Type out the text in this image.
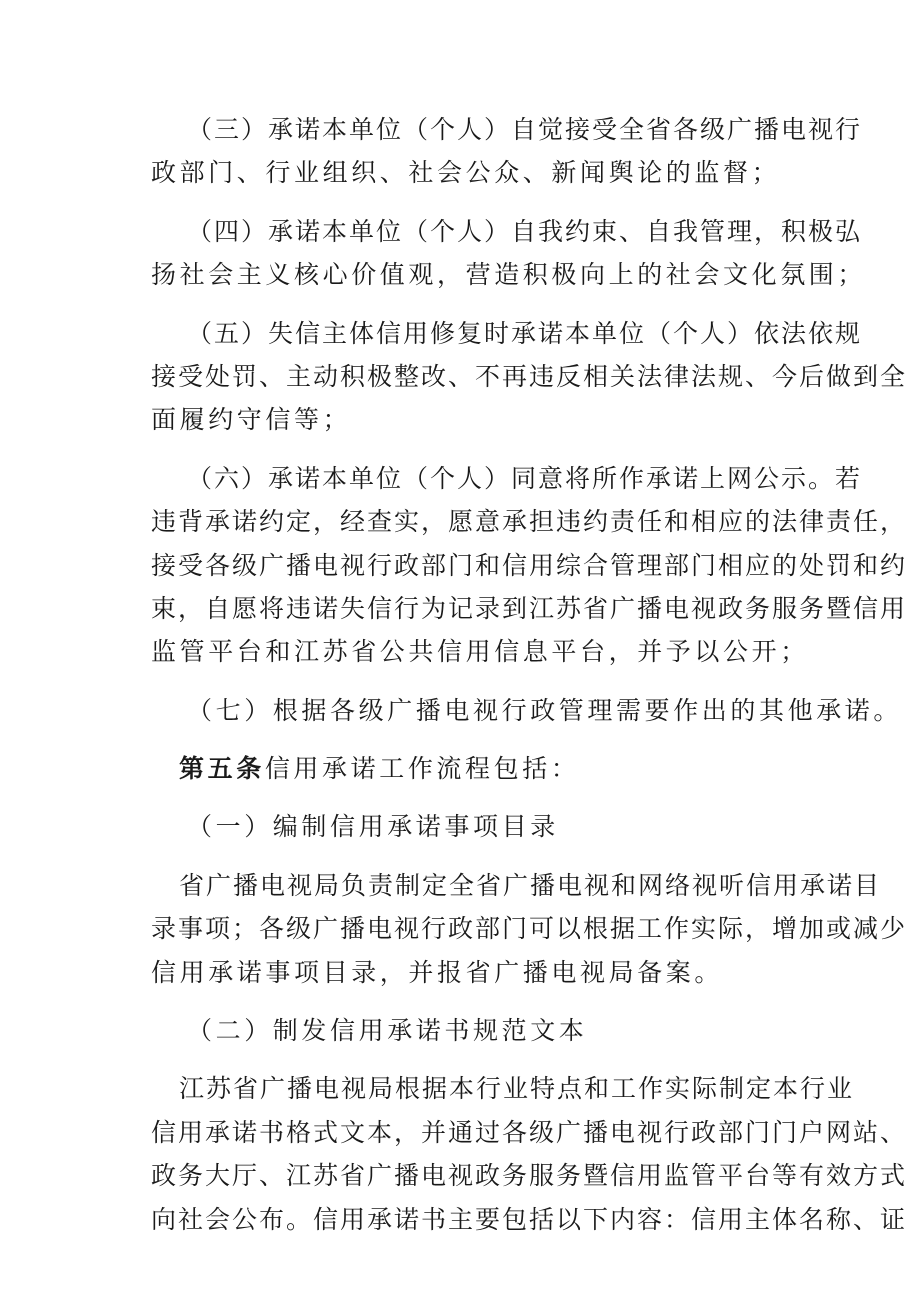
（三）承诺本单位（个人）自觉接受全省各级广播电视行
政部门、行业组织、社会公众、新闻舆论的监督；
（四）承诺本单位（个人）自我约束、自我管理，积极弘
扬社会主义核心价值观，营造积极向上的社会文化氛围；
（五）失信主体信用修复时承诺本单位（个人）依法依规
接受处罚、主动积极整改、不再违反相关法律法规、今后做到全
面履约守信等；
（六）承诺本单位（个人）同意将所作承诺上网公示。若
违背承诺约定，经查实，愿意承担违约责任和相应的法律责任，
接受各级广播电视行政部门和信用综合管理部门相应的处罚和约
束，自愿将违诺失信行为记录到江苏省广播电视政务服务暨信用
监管平台和江苏省公共信用信息平台，并予以公开；
（七）根据各级广播电视行政管理需要作出的其他承诺。
第五条信用承诺工作流程包括：
（一）编制信用承诺事项目录
省广播电视局负责制定全省广播电视和网络视听信用承诺目
录事项；各级广播电视行政部门可以根据工作实际，增加或减少
信用承诺事项目录，并报省广播电视局备案。
（二）制发信用承诺书规范文本
江苏省广播电视局根据本行业特点和工作实际制定本行业
信用承诺书格式文本，并通过各级广播电视行政部门门户网站、
政务大厅、江苏省广播电视政务服务暨信用监管平台等有效方式
向社会公布。信用承诺书主要包括以下内容：信用主体名称、证
